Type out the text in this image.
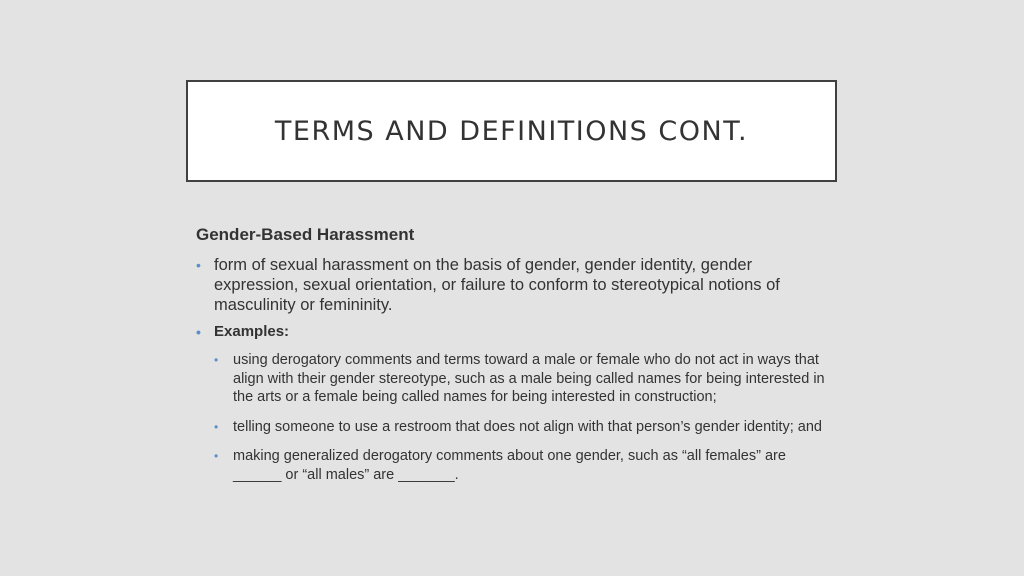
TERMS AND DEFINITIONS CONT.
Gender-Based Harassment
• form of sexual harassment on the basis of gender, gender identity, gender expression, sexual orientation, or failure to conform to stereotypical notions of masculinity or femininity.
• Examples:
• using derogatory comments and terms toward a male or female who do not act in ways that align with their gender stereotype, such as a male being called names for being interested in the arts or a female being called names for being interested in construction;
• telling someone to use a restroom that does not align with that person’s gender identity; and
• making generalized derogatory comments about one gender, such as “all females” are ______ or “all males” are _______.
